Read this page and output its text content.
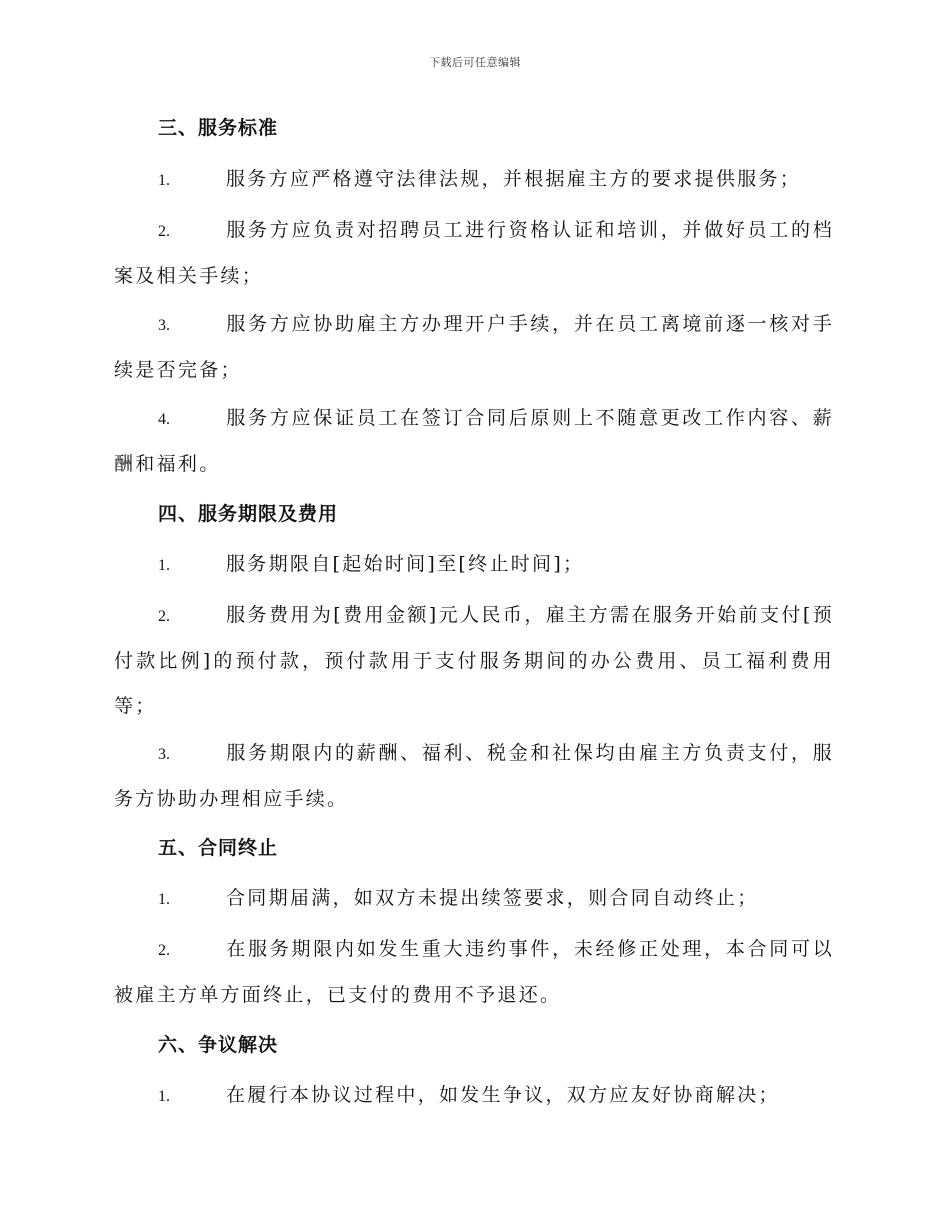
下载后可任意编辑
三、服务标准
1.	服务方应严格遵守法律法规，并根据雇主方的要求提供服务；
2.	服务方应负责对招聘员工进行资格认证和培训，并做好员工的档案及相关手续；
3.	服务方应协助雇主方办理开户手续，并在员工离境前逐一核对手续是否完备；
4.	服务方应保证员工在签订合同后原则上不随意更改工作内容、薪酬和福利。
四、服务期限及费用
1.	服务期限自[起始时间]至[终止时间]；
2.	服务费用为[费用金额]元人民币，雇主方需在服务开始前支付[预付款比例]的预付款，预付款用于支付服务期间的办公费用、员工福利费用等；
3.	服务期限内的薪酬、福利、税金和社保均由雇主方负责支付，服务方协助办理相应手续。
五、合同终止
1.	合同期届满，如双方未提出续签要求，则合同自动终止；
2.	在服务期限内如发生重大违约事件，未经修正处理，本合同可以被雇主方单方面终止，已支付的费用不予退还。
六、争议解决
1.	在履行本协议过程中，如发生争议，双方应友好协商解决；
